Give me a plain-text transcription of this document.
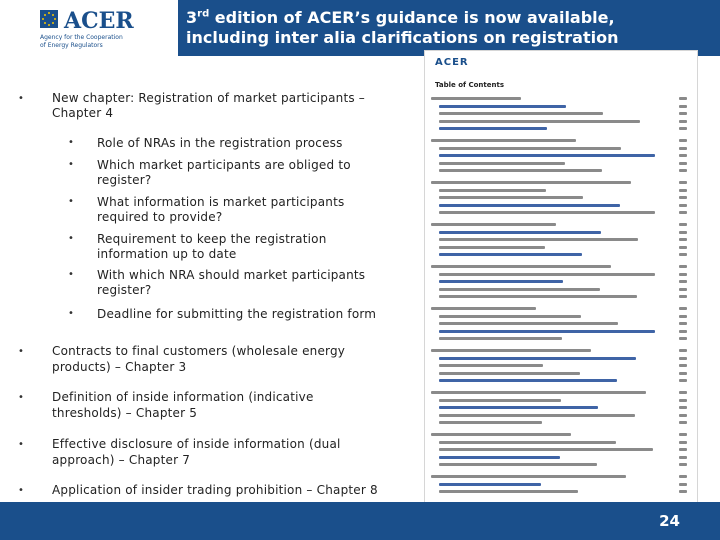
ACER
Agency for the Cooperation
of Energy Regulators
3rd edition of ACER’s guidance is now available,
including inter alia clarifications on registration
• New chapter: Registration of market participants –
Chapter 4
• Role of NRAs in the registration process
• Which market participants are obliged to
register?
• What information is market participants
required to provide?
• Requirement to keep the registration
information up to date
• With which NRA should market participants
register?
• Deadline for submitting the registration form
• Contracts to final customers (wholesale energy
products) – Chapter 3
• Definition of inside information (indicative
thresholds) – Chapter 5
• Effective disclosure of inside information (dual
approach) – Chapter 7
• Application of insider trading prohibition – Chapter 8
ACER
Table of Contents
24
